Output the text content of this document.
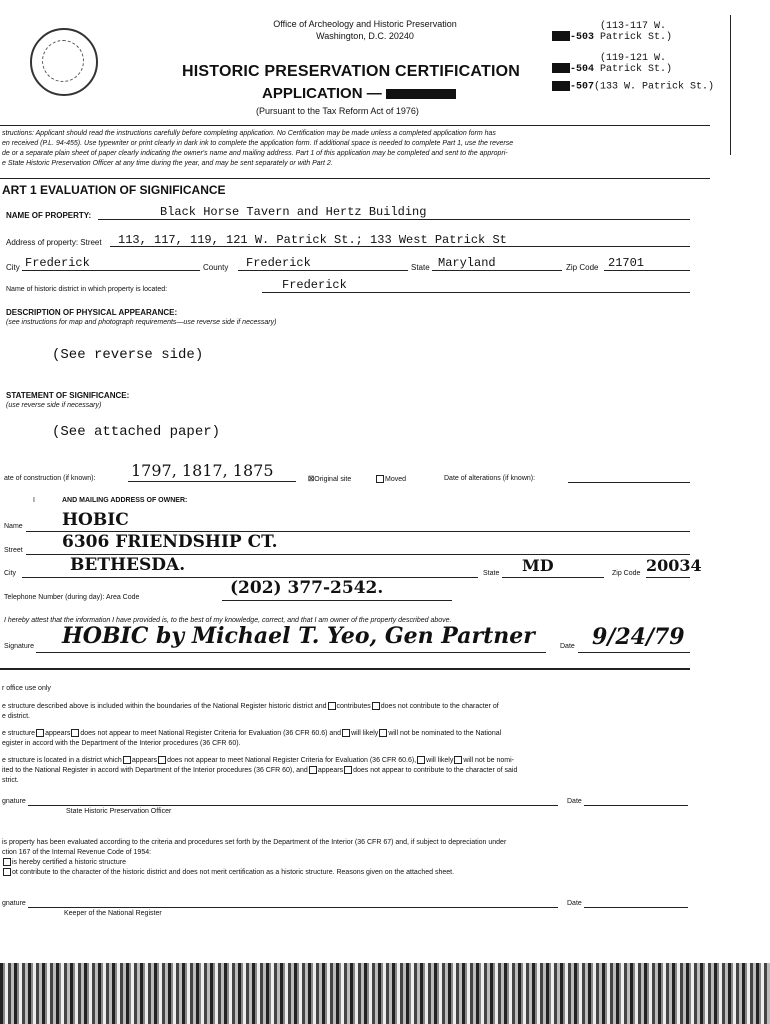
Office of Archeology and Historic Preservation
Washington, D.C. 20240
HISTORIC PRESERVATION CERTIFICATION
APPLICATION —
(Pursuant to the Tax Reform Act of 1976)
-503 (113-117 W. Patrick St.)
-504 (119-121 W. Patrick St.)
-507(133 W. Patrick St.)
structions: Applicant should read the instructions carefully before completing application. No Certification may be made unless a completed application form has
en received (P.L. 94-455). Use typewriter or print clearly in dark ink to complete the application form. If additional space is needed to complete Part 1, use the reverse
de or a separate plain sheet of paper clearly indicating the owner's name and mailing address. Part 1 of this application may be completed and sent to the appropri-
e State Historic Preservation Officer at any time during the year, and may be sent separately or with Part 2.
ART 1 EVALUATION OF SIGNIFICANCE
NAME OF PROPERTY:	Black Horse Tavern and Hertz Building
Address of property: Street 113, 117, 119, 121 W. Patrick St.; 133 West Patrick St
City Frederick	County Frederick	State Maryland	Zip Code 21701
Name of historic district in which property is located:	Frederick
DESCRIPTION OF PHYSICAL APPEARANCE:
(see instructions for map and photograph requirements—use reverse side if necessary)
(See reverse side)
STATEMENT OF SIGNIFICANCE:
(use reverse side if necessary)
(See attached paper)
ate of construction (if known): 1797, 1817, 1875	☒Original site	Moved	Date of alterations (if known):
I	AND MAILING ADDRESS OF OWNER:
Name HOBIC
Street 6306 FRIENDSHIP CT.
City	BETHESDA.	State MD	Zip Code 20034
Telephone Number (during day): Area Code	(202) 377-2542.
I hereby attest that the information I have provided is, to the best of my knowledge, correct, and that I am owner of the property described above.
Signature HOBIC by Michael T. Yeo, Gen Partner	Date 9/24/79
r office use only
e structure described above is included within the boundaries of the National Register historic district and contributes does not contribute to the character of
e district.
e structure appears does not appear to meet National Register Criteria for Evaluation (36 CFR 60.6) and will likely will not be nominated to the National
egister in accord with the Department of the Interior procedures (36 CFR 60).
e structure is located in a district which appears does not appear to meet National Register Criteria for Evaluation (36 CFR 60.6), will likely will not be nomi-
ited to the National Register in accord with Department of the Interior procedures (36 CFR 60), and appears does not appear to contribute to the character of said
strict.
gnature
State Historic Preservation Officer
Date
is property has been evaluated according to the criteria and procedures set forth by the Department of the Interior (36 CFR 67) and, if subject to depreciation under
ction 167 of the Internal Revenue Code of 1954:
is hereby certified a historic structure
ot contribute to the character of the historic district and does not merit certification as a historic structure. Reasons given on the attached sheet.
gnature
Keeper of the National Register
Date
